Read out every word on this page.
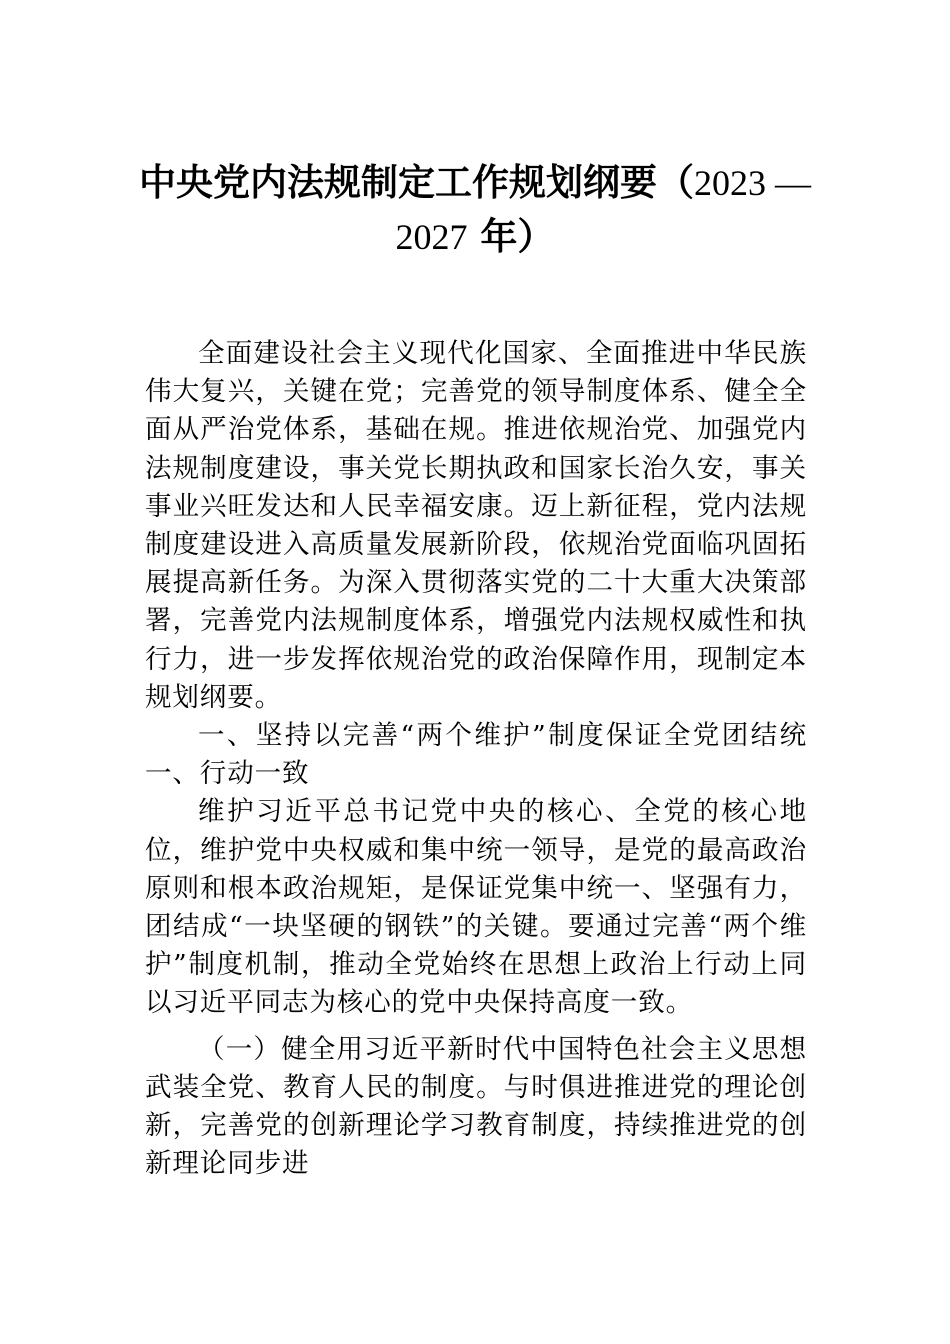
中央党内法规制定工作规划纲要（2023 —
2027 年）

全面建设社会主义现代化国家、全面推进中华民族伟大复兴，关键在党；完善党的领导制度体系、健全全面从严治党体系，基础在规。推进依规治党、加强党内法规制度建设，事关党长期执政和国家长治久安，事关事业兴旺发达和人民幸福安康。迈上新征程，党内法规制度建设进入高质量发展新阶段，依规治党面临巩固拓展提高新任务。为深入贯彻落实党的二十大重大决策部署，完善党内法规制度体系，增强党内法规权威性和执行力，进一步发挥依规治党的政治保障作用，现制定本规划纲要。

一、坚持以完善“两个维护”制度保证全党团结统一、行动一致

维护习近平总书记党中央的核心、全党的核心地位，维护党中央权威和集中统一领导，是党的最高政治原则和根本政治规矩，是保证党集中统一、坚强有力，团结成“一块坚硬的钢铁”的关键。要通过完善“两个维护”制度机制，推动全党始终在思想上政治上行动上同以习近平同志为核心的党中央保持高度一致。

（一）健全用习近平新时代中国特色社会主义思想武装全党、教育人民的制度。与时俱进推进党的理论创新，完善党的创新理论学习教育制度，持续推进党的创新理论同步进
